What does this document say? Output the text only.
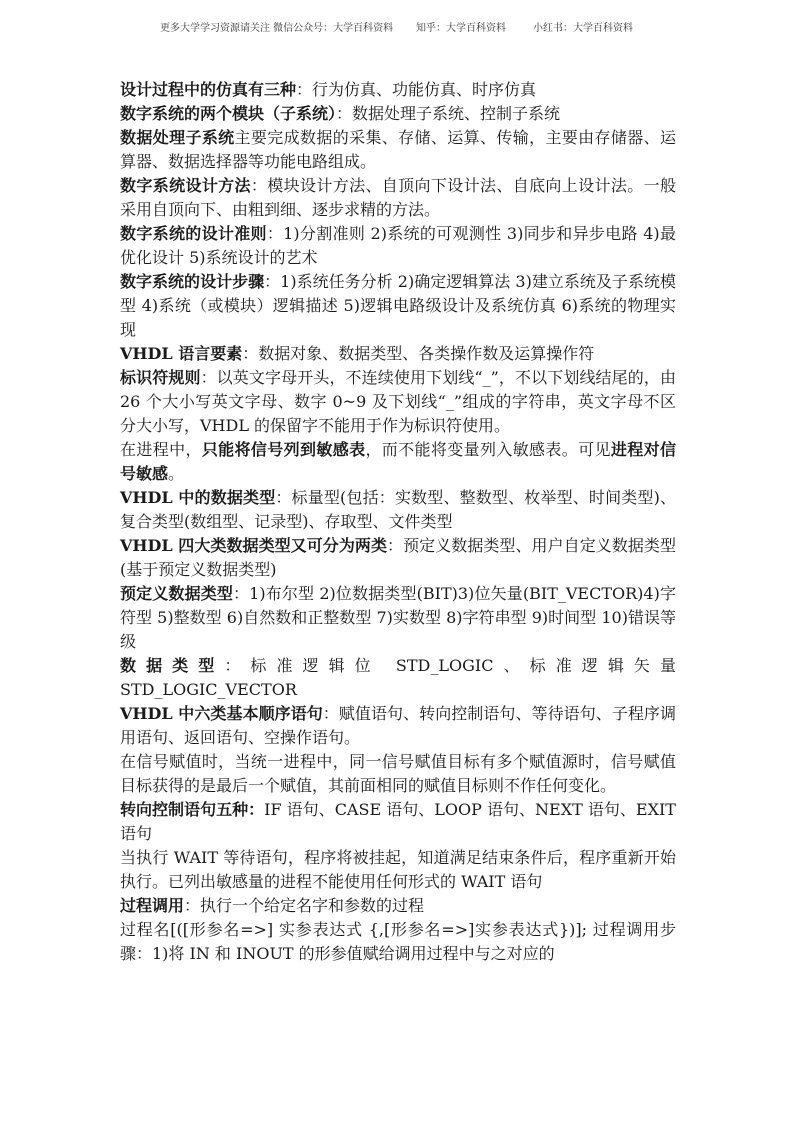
更多大学学习资源请关注 微信公众号：大学百科资料 知乎：大学百科资料	小红书：大学百科资料

设计过程中的仿真有三种：行为仿真、功能仿真、时序仿真

数字系统的两个模块（子系统）：数据处理子系统、控制子系统

数据处理子系统主要完成数据的采集、存储、运算、传输，主要由存储器、运算器、数据选择器等功能电路组成。

数字系统设计方法：模块设计方法、自顶向下设计法、自底向上设计法。一般采用自顶向下、由粗到细、逐步求精的方法。

数字系统的设计准则：1)分割准则 2)系统的可观测性 3)同步和异步电路 4)最优化设计 5)系统设计的艺术

数字系统的设计步骤：1)系统任务分析 2)确定逻辑算法 3)建立系统及子系统模型 4)系统（或模块）逻辑描述 5)逻辑电路级设计及系统仿真 6)系统的物理实现

VHDL 语言要素：数据对象、数据类型、各类操作数及运算操作符

标识符规则：以英文字母开头，不连续使用下划线“_”，不以下划线结尾的，由 26 个大小写英文字母、数字 0~9 及下划线“_”组成的字符串，英文字母不区分大小写，VHDL 的保留字不能用于作为标识符使用。

在进程中，只能将信号列到敏感表，而不能将变量列入敏感表。可见进程对信号敏感。

VHDL 中的数据类型：标量型(包括：实数型、整数型、枚举型、时间类型)、复合类型(数组型、记录型)、存取型、文件类型

VHDL 四大类数据类型又可分为两类：预定义数据类型、用户自定义数据类型(基于预定义数据类型)

预定义数据类型：1)布尔型 2)位数据类型(BIT)3)位矢量(BIT_VECTOR)4)字符型 5)整数型 6)自然数和正整数型 7)实数型 8)字符串型 9)时间型 10)错误等级

数据类型：标准逻辑位 STD_LOGIC、标准逻辑矢量 STD_LOGIC_VECTOR

VHDL 中六类基本顺序语句：赋值语句、转向控制语句、等待语句、子程序调用语句、返回语句、空操作语句。

在信号赋值时，当统一进程中，同一信号赋值目标有多个赋值源时，信号赋值目标获得的是最后一个赋值，其前面相同的赋值目标则不作任何变化。

转向控制语句五种：IF 语句、CASE 语句、LOOP 语句、NEXT 语句、EXIT 语句

当执行 WAIT 等待语句，程序将被挂起，知道满足结束条件后，程序重新开始执行。已列出敏感量的进程不能使用任何形式的 WAIT 语句

过程调用：执行一个给定名字和参数的过程

过程名[([形参名=>] 实参表达式 {,[形参名=>]实参表达式})]; 过程调用步骤：1)将 IN 和 INOUT 的形参值赋给调用过程中与之对应的
